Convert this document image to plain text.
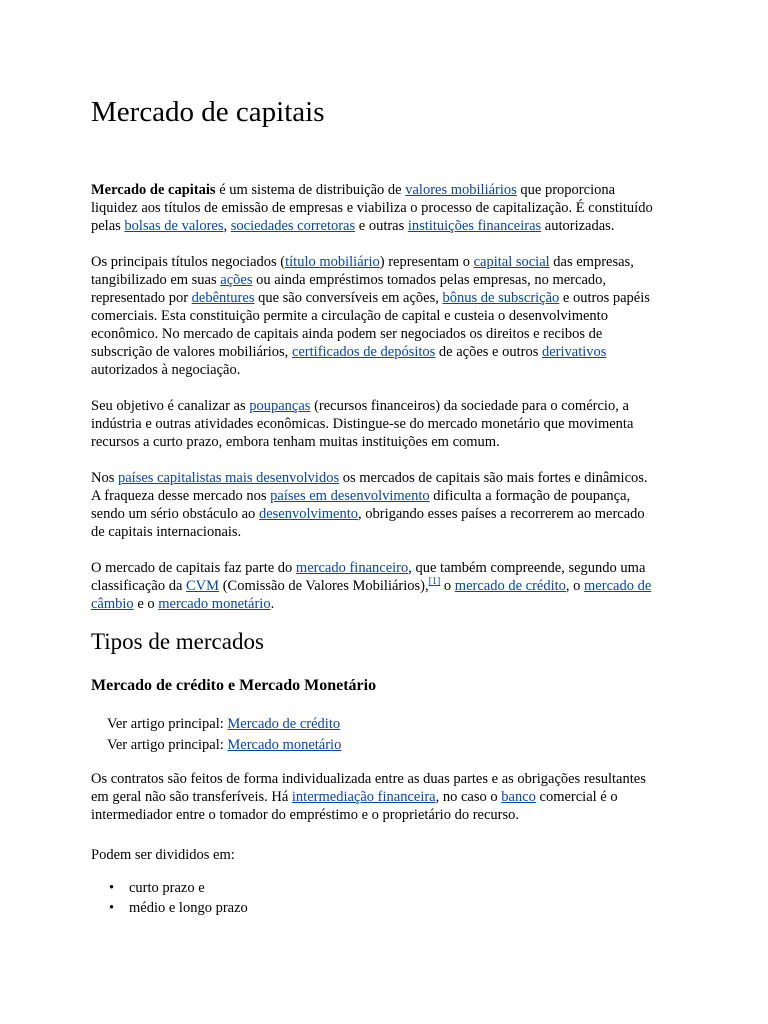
Mercado de capitais
Mercado de capitais é um sistema de distribuição de valores mobiliários que proporciona
liquidez aos títulos de emissão de empresas e viabiliza o processo de capitalização. É constituído
pelas bolsas de valores, sociedades corretoras e outras instituições financeiras autorizadas.
Os principais títulos negociados (título mobiliário) representam o capital social das empresas,
tangibilizado em suas ações ou ainda empréstimos tomados pelas empresas, no mercado,
representado por debêntures que são conversíveis em ações, bônus de subscrição e outros papéis
comerciais. Esta constituição permite a circulação de capital e custeia o desenvolvimento
econômico. No mercado de capitais ainda podem ser negociados os direitos e recibos de
subscrição de valores mobiliários, certificados de depósitos de ações e outros derivativos
autorizados à negociação.
Seu objetivo é canalizar as poupanças (recursos financeiros) da sociedade para o comércio, a
indústria e outras atividades econômicas. Distingue-se do mercado monetário que movimenta
recursos a curto prazo, embora tenham muitas instituições em comum.
Nos países capitalistas mais desenvolvidos os mercados de capitais são mais fortes e dinâmicos.
A fraqueza desse mercado nos países em desenvolvimento dificulta a formação de poupança,
sendo um sério obstáculo ao desenvolvimento, obrigando esses países a recorrerem ao mercado
de capitais internacionais.
O mercado de capitais faz parte do mercado financeiro, que também compreende, segundo uma
classificação da CVM (Comissão de Valores Mobiliários),[1] o mercado de crédito, o mercado de
câmbio e o mercado monetário.
Tipos de mercados
Mercado de crédito e Mercado Monetário
Ver artigo principal: Mercado de crédito
Ver artigo principal: Mercado monetário
Os contratos são feitos de forma individualizada entre as duas partes e as obrigações resultantes
em geral não são transferíveis. Há intermediação financeira, no caso o banco comercial é o
intermediador entre o tomador do empréstimo e o proprietário do recurso.
Podem ser divididos em:
• curto prazo e
• médio e longo prazo
